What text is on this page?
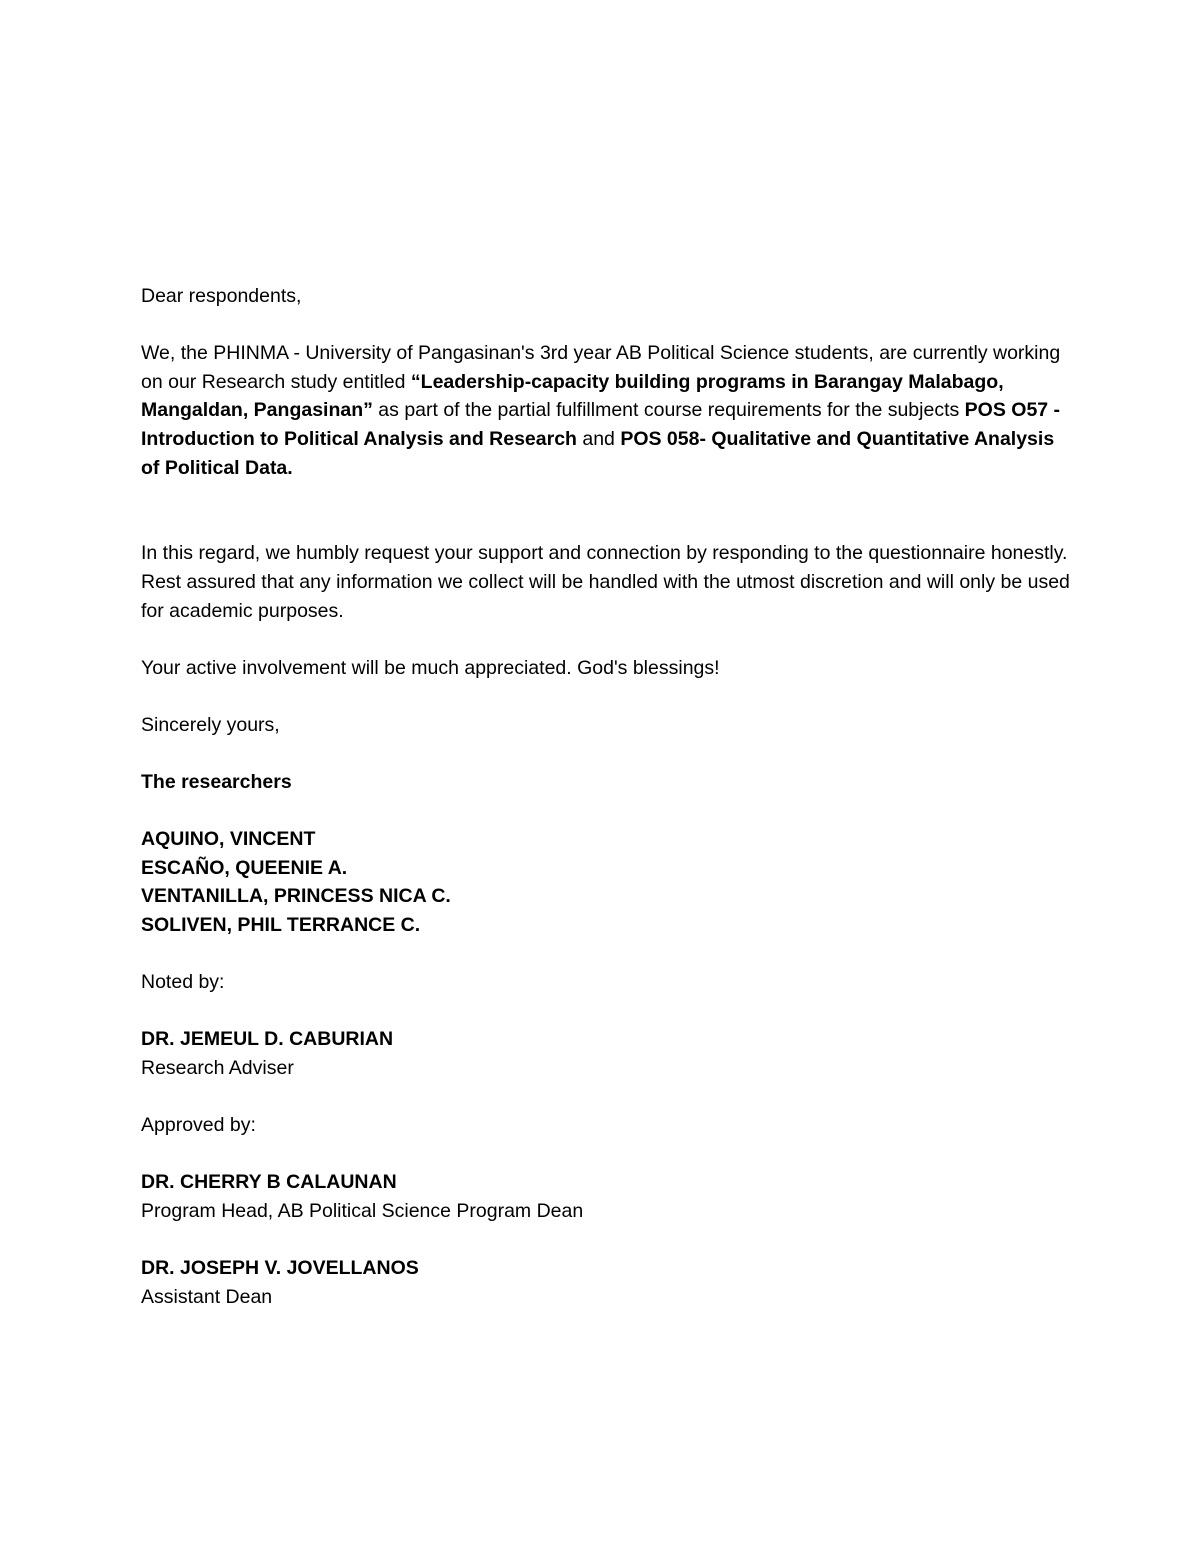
Dear respondents,

We, the PHINMA - University of Pangasinan's 3rd year AB Political Science students, are currently working on our Research study entitled “Leadership-capacity building programs in Barangay Malabago, Mangaldan, Pangasinan” as part of the partial fulfillment course requirements for the subjects POS O57 - Introduction to Political Analysis and Research and POS 058- Qualitative and Quantitative Analysis of Political Data.

In this regard, we humbly request your support and connection by responding to the questionnaire honestly. Rest assured that any information we collect will be handled with the utmost discretion and will only be used for academic purposes.

Your active involvement will be much appreciated. God's blessings!

Sincerely yours,

The researchers

AQUINO, VINCENT
ESCAÑO, QUEENIE A.
VENTANILLA, PRINCESS NICA C.
SOLIVEN, PHIL TERRANCE C.

Noted by:

DR. JEMEUL D. CABURIAN
Research Adviser

Approved by:

DR. CHERRY B CALAUNAN
Program Head, AB Political Science Program Dean
DR. JOSEPH V. JOVELLANOS
Assistant Dean
